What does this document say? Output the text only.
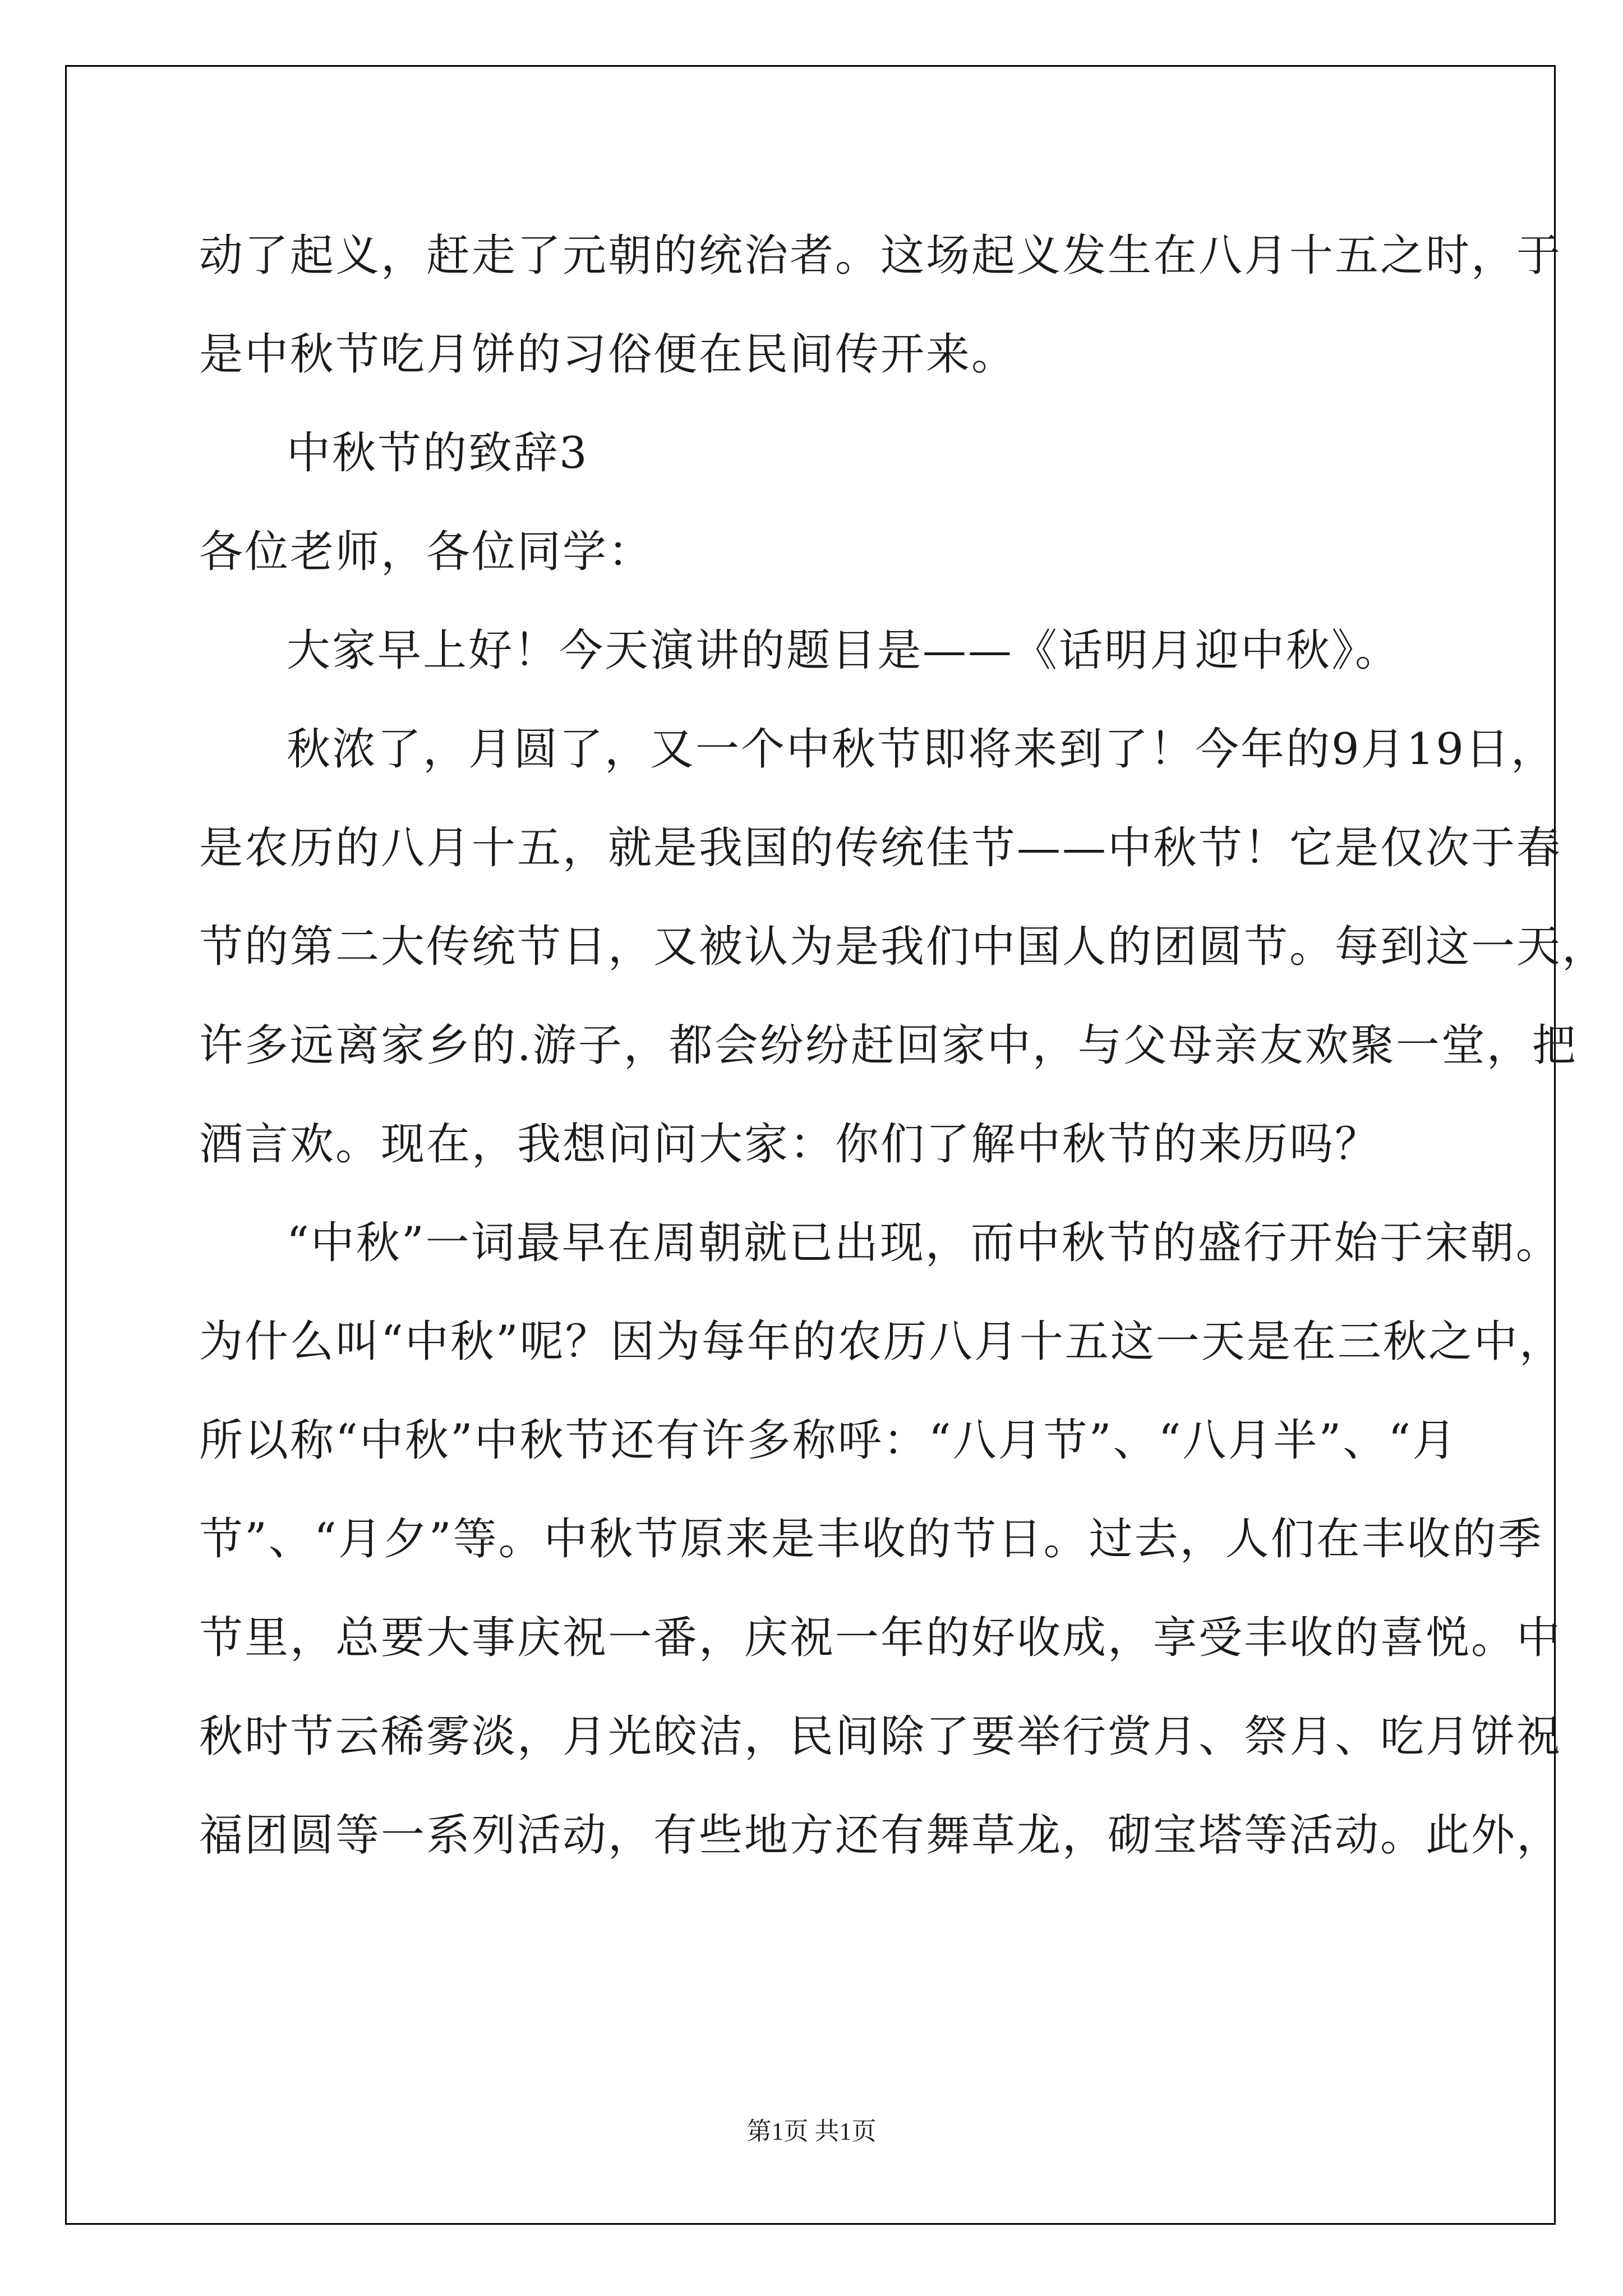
动了起义，赶走了元朝的统治者。这场起义发生在八月十五之时，于
是中秋节吃月饼的习俗便在民间传开来。
中秋节的致辞3
各位老师，各位同学：
大家早上好！今天演讲的题目是——《话明月迎中秋》。
秋浓了，月圆了，又一个中秋节即将来到了！今年的9月19日，
是农历的八月十五，就是我国的传统佳节——中秋节！它是仅次于春
节的第二大传统节日，又被认为是我们中国人的团圆节。每到这一天，
许多远离家乡的.游子，都会纷纷赶回家中，与父母亲友欢聚一堂，把
酒言欢。现在，我想问问大家：你们了解中秋节的来历吗？
“中秋”一词最早在周朝就已出现，而中秋节的盛行开始于宋朝。
为什么叫“中秋”呢？因为每年的农历八月十五这一天是在三秋之中，
所以称“中秋”中秋节还有许多称呼：“八月节”、“八月半”、“月
节”、“月夕”等。中秋节原来是丰收的节日。过去，人们在丰收的季
节里，总要大事庆祝一番，庆祝一年的好收成，享受丰收的喜悦。中
秋时节云稀雾淡，月光皎洁，民间除了要举行赏月、祭月、吃月饼祝
福团圆等一系列活动，有些地方还有舞草龙，砌宝塔等活动。此外，
第1页 共1页
